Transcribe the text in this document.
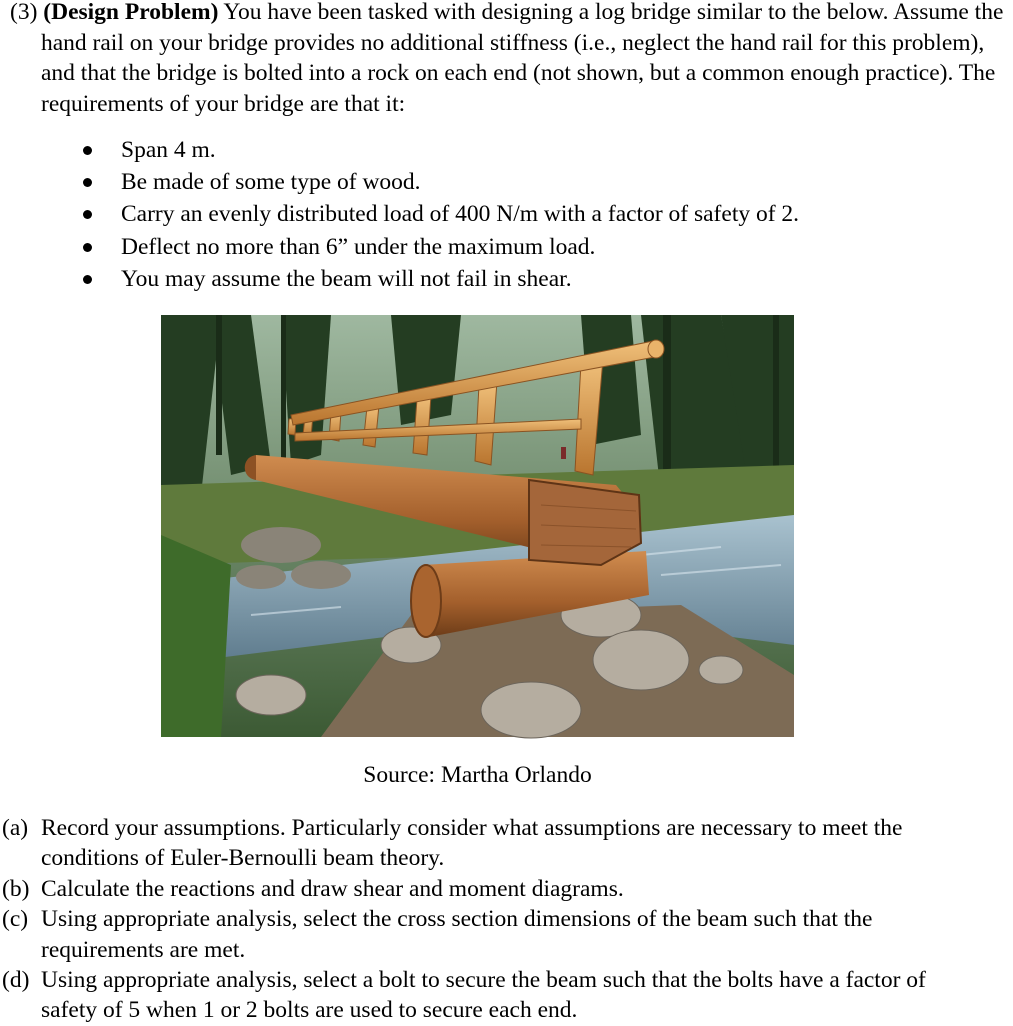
(3) (Design Problem) You have been tasked with designing a log bridge similar to the below. Assume the hand rail on your bridge provides no additional stiffness (i.e., neglect the hand rail for this problem), and that the bridge is bolted into a rock on each end (not shown, but a common enough practice). The requirements of your bridge are that it:
Span 4 m.
Be made of some type of wood.
Carry an evenly distributed load of 400 N/m with a factor of safety of 2.
Deflect no more than 6” under the maximum load.
You may assume the beam will not fail in shear.
Source: Martha Orlando
(a) Record your assumptions. Particularly consider what assumptions are necessary to meet the conditions of Euler-Bernoulli beam theory.
(b) Calculate the reactions and draw shear and moment diagrams.
(c) Using appropriate analysis, select the cross section dimensions of the beam such that the requirements are met.
(d) Using appropriate analysis, select a bolt to secure the beam such that the bolts have a factor of safety of 5 when 1 or 2 bolts are used to secure each end.
